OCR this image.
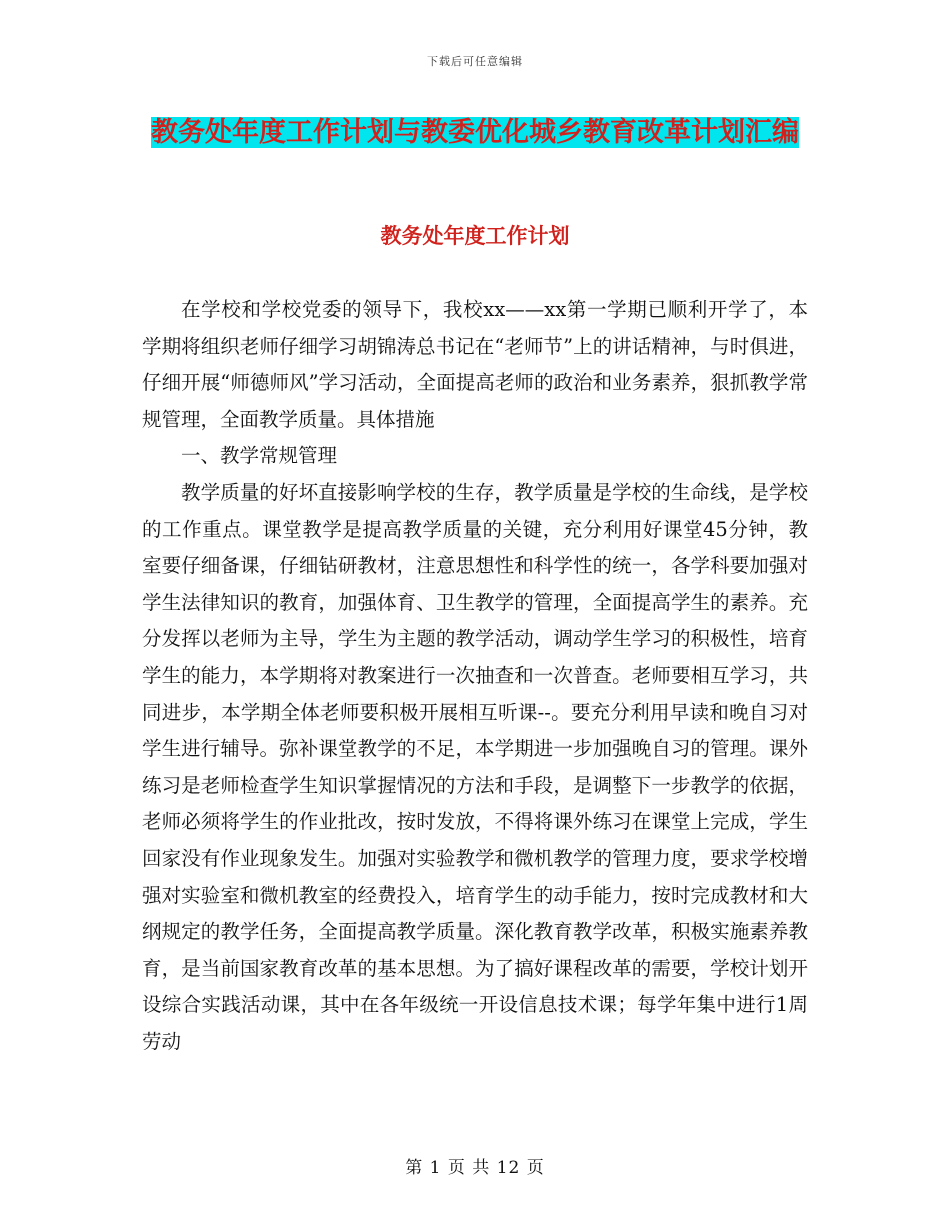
下载后可任意编辑
教务处年度工作计划与教委优化城乡教育改革计划汇编
教务处年度工作计划

在学校和学校党委的领导下，我校xx——xx第一学期已顺利开学了，本学期将组织老师仔细学习胡锦涛总书记在“老师节”上的讲话精神，与时俱进，仔细开展“师德师风”学习活动，全面提高老师的政治和业务素养，狠抓教学常规管理，全面教学质量。具体措施

一、教学常规管理

教学质量的好坏直接影响学校的生存，教学质量是学校的生命线，是学校的工作重点。课堂教学是提高教学质量的关键，充分利用好课堂45分钟，教室要仔细备课，仔细钻研教材，注意思想性和科学性的统一，各学科要加强对学生法律知识的教育，加强体育、卫生教学的管理，全面提高学生的素养。充分发挥以老师为主导，学生为主题的教学活动，调动学生学习的积极性，培育学生的能力，本学期将对教案进行一次抽查和一次普查。老师要相互学习，共同进步，本学期全体老师要积极开展相互听课--。要充分利用早读和晚自习对学生进行辅导。弥补课堂教学的不足，本学期进一步加强晚自习的管理。课外练习是老师检查学生知识掌握情况的方法和手段，是调整下一步教学的依据，老师必须将学生的作业批改，按时发放，不得将课外练习在课堂上完成，学生回家没有作业现象发生。加强对实验教学和微机教学的管理力度，要求学校增强对实验室和微机教室的经费投入，培育学生的动手能力，按时完成教材和大纲规定的教学任务，全面提高教学质量。深化教育教学改革，积极实施素养教育，是当前国家教育改革的基本思想。为了搞好课程改革的需要，学校计划开设综合实践活动课，其中在各年级统一开设信息技术课；每学年集中进行1周劳动

第 1 页 共 12 页
